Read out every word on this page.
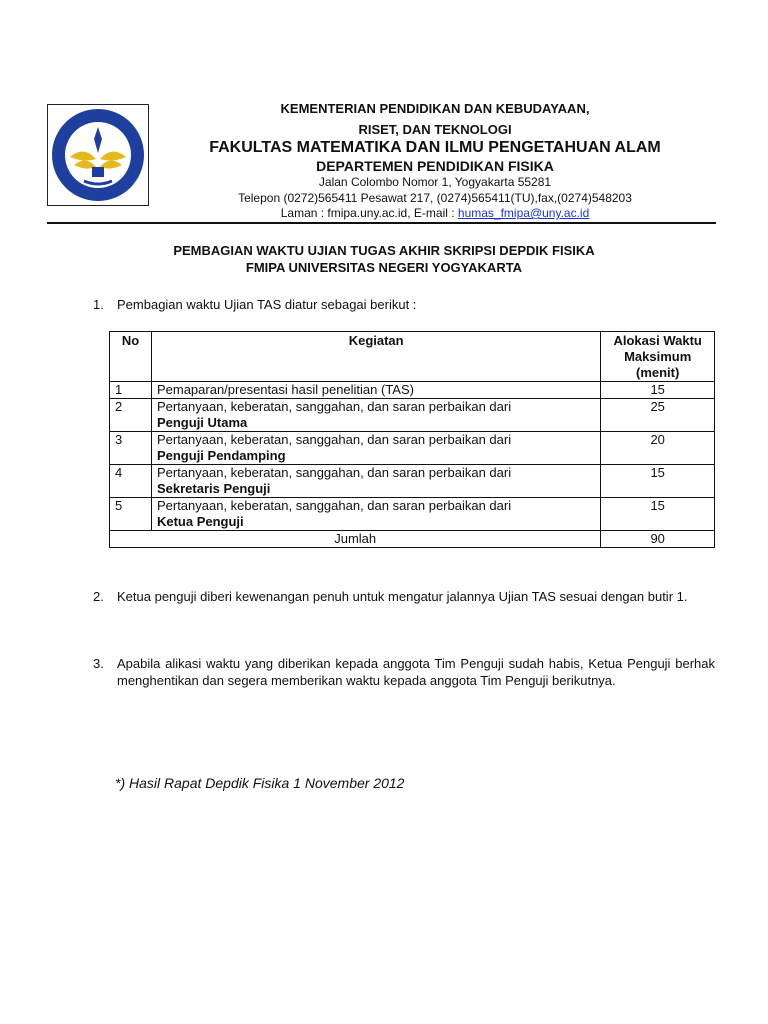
KEMENTERIAN PENDIDIKAN DAN KEBUDAYAAN,
RISET, DAN TEKNOLOGI
FAKULTAS MATEMATIKA DAN ILMU PENGETAHUAN ALAM
DEPARTEMEN PENDIDIKAN FISIKA
Jalan Colombo Nomor 1, Yogyakarta 55281
Telepon (0272)565411 Pesawat 217, (0274)565411(TU),fax,(0274)548203
Laman : fmipa.uny.ac.id, E-mail : humas_fmipa@uny.ac.id
PEMBAGIAN WAKTU UJIAN TUGAS AKHIR SKRIPSI DEPDIK FISIKA
FMIPA UNIVERSITAS NEGERI YOGYAKARTA
1. Pembagian waktu Ujian TAS diatur sebagai berikut :
No	Kegiatan	Alokasi Waktu Maksimum (menit)
1	Pemaparan/presentasi hasil penelitian (TAS)	15
2	Pertanyaan, keberatan, sanggahan, dan saran perbaikan dari
Penguji Utama	25
3	Pertanyaan, keberatan, sanggahan, dan saran perbaikan dari
Penguji Pendamping	20
4	Pertanyaan, keberatan, sanggahan, dan saran perbaikan dari
Sekretaris Penguji	15
5	Pertanyaan, keberatan, sanggahan, dan saran perbaikan dari
Ketua Penguji	15
Jumlah		90
2. Ketua penguji diberi kewenangan penuh untuk mengatur jalannya Ujian TAS sesuai dengan butir 1.
3. Apabila alikasi waktu yang diberikan kepada anggota Tim Penguji sudah habis, Ketua Penguji berhak menghentikan dan segera memberikan waktu kepada anggota Tim Penguji berikutnya.
*) Hasil Rapat Depdik Fisika 1 November 2012
